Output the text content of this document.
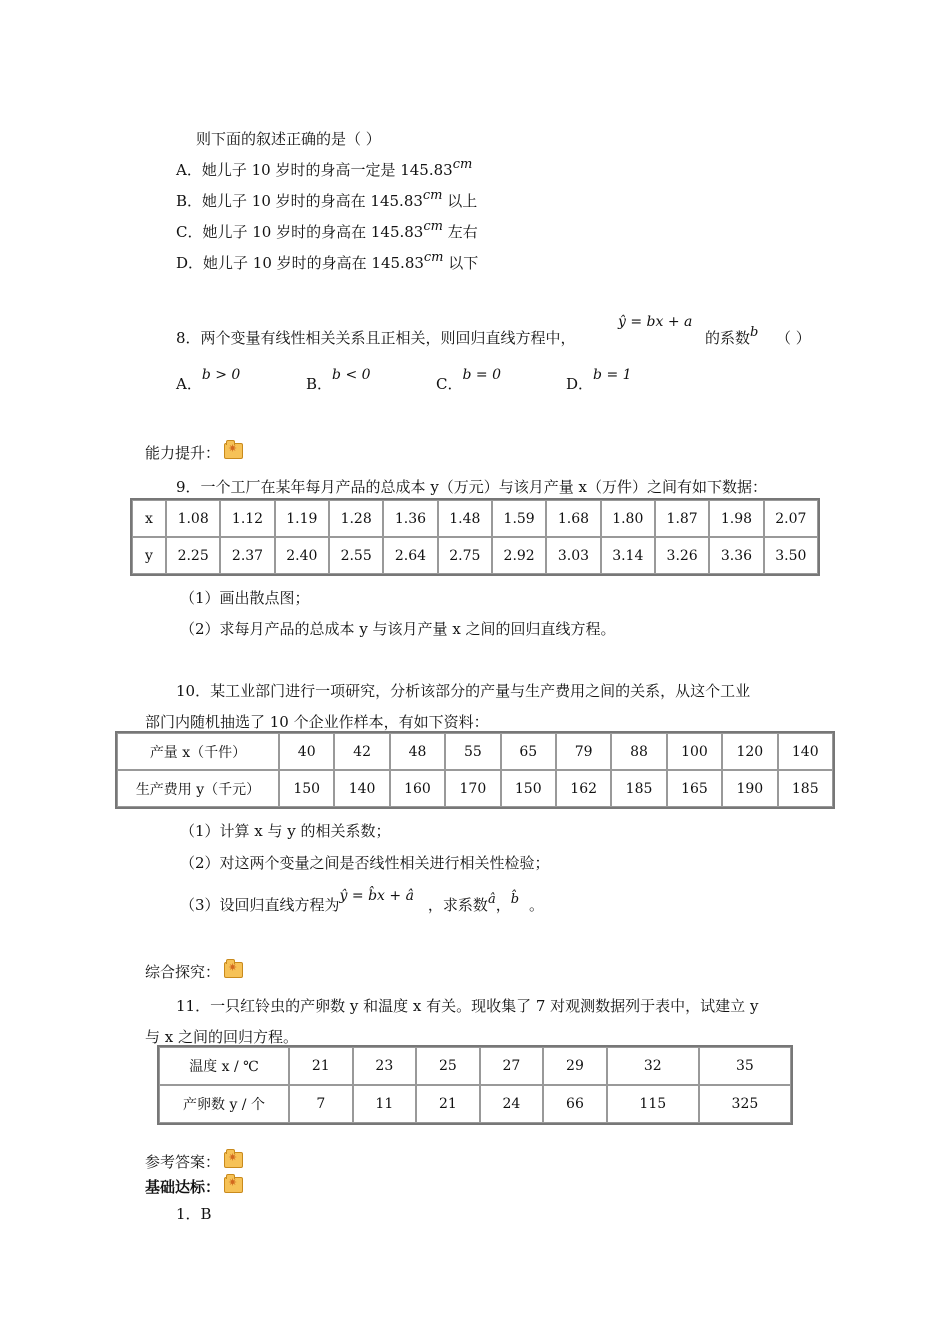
则下面的叙述正确的是（ ）
A．她儿子 10 岁时的身高一定是 145.83cm
B．她儿子 10 岁时的身高在 145.83cm 以上
C．她儿子 10 岁时的身高在 145.83cm 左右
D．她儿子 10 岁时的身高在 145.83cm 以下
8．两个变量有线性相关关系且正相关，则回归直线方程中，
ŷ = bx + a
的系数b （ ）
A．b > 0	B．b < 0	C．b = 0	D．b = 1
能力提升：✷
9．一个工厂在某年每月产品的总成本 y（万元）与该月产量 x（万件）之间有如下数据：
x	1.08	1.12	1.19	1.28	1.36	1.48	1.59	1.68	1.80	1.87	1.98	2.07
y	2.25	2.37	2.40	2.55	2.64	2.75	2.92	3.03	3.14	3.26	3.36	3.50
（1）画出散点图；
（2）求每月产品的总成本 y 与该月产量 x 之间的回归直线方程。
10．某工业部门进行一项研究，分析该部分的产量与生产费用之间的关系，从这个工业
部门内随机抽选了 10 个企业作样本，有如下资料：
产量 x（千件）	40	42	48	55	65	79	88	100	120	140
生产费用 y（千元）	150	140	160	170	150	162	185	165	190	185
（1）计算 x 与 y 的相关系数；
（2）对这两个变量之间是否线性相关进行相关性检验；
（3）设回归直线方程为ŷ = b̂x + â ，求系数â，b̂ 。
综合探究：✷
11．一只红铃虫的产卵数 y 和温度 x 有关。现收集了 7 对观测数据列于表中，试建立 y
与 x 之间的回归方程。
温度 x / ℃	21	23	25	27	29	32	35
产卵数 y / 个	7	11	21	24	66	115	325
参考答案：✷
基础达标：✷
1．B
